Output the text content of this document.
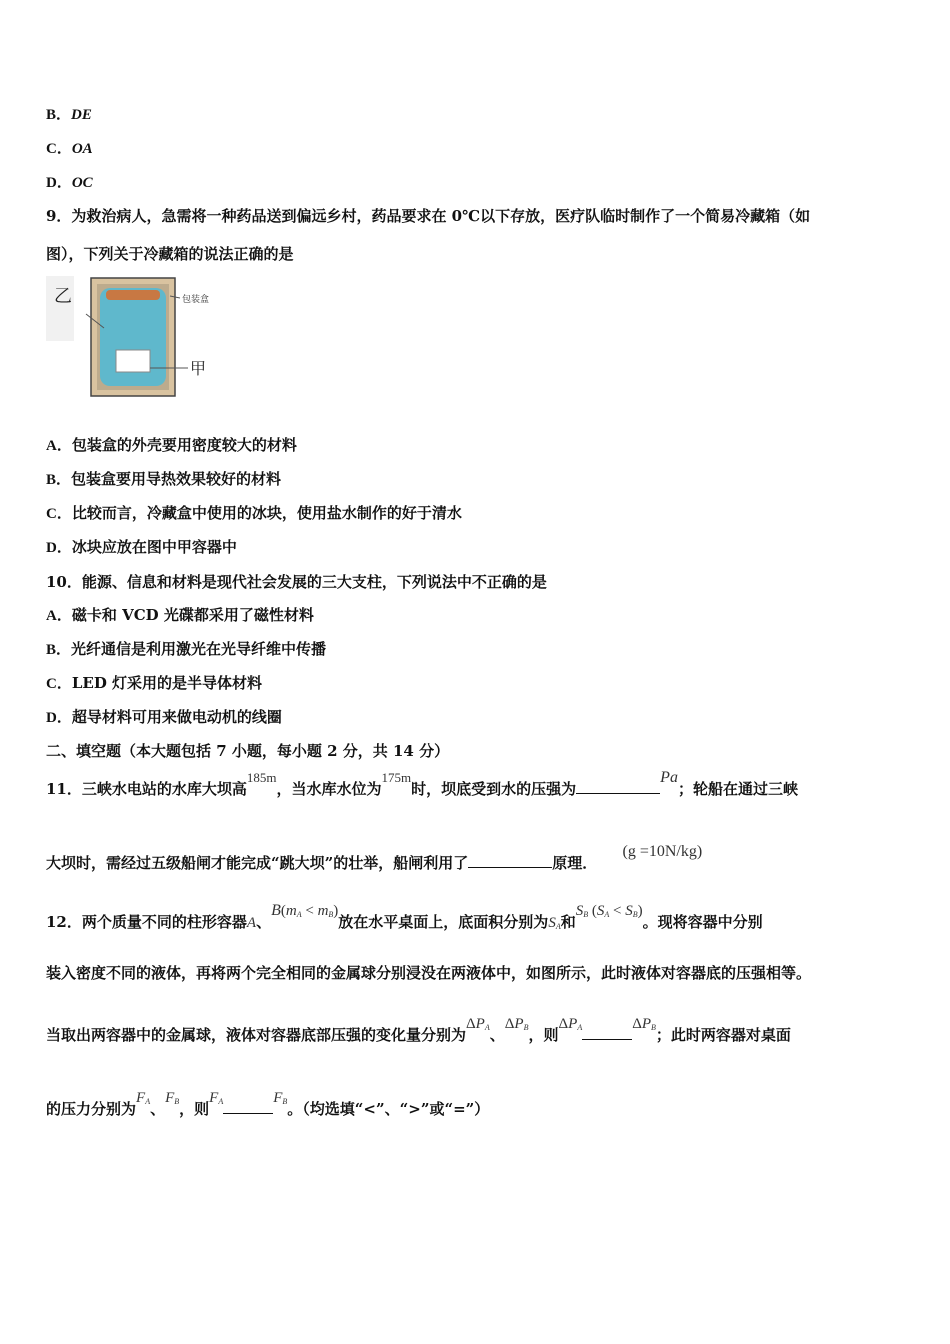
B．DE
C．OA
D．OC
9．为救治病人，急需将一种药品送到偏远乡村，药品要求在 0℃以下存放，医疗队临时制作了一个简易冷藏箱（如
图），下列关于冷藏箱的说法正确的是
乙	包装盒
甲
A．包装盒的外壳要用密度较大的材料
B．包装盒要用导热效果较好的材料
C．比较而言，冷藏盒中使用的冰块，使用盐水制作的好于清水
D．冰块应放在图中甲容器中
10．能源、信息和材料是现代社会发展的三大支柱，下列说法中不正确的是
A．磁卡和 VCD 光碟都采用了磁性材料
B．光纤通信是利用激光在光导纤维中传播
C．LED 灯采用的是半导体材料
D．超导材料可用来做电动机的线圈
二、填空题（本大题包括 7 小题，每小题 2 分，共 14 分）
11．三峡水电站的水库大坝高185m，当水库水位为175m时，坝底受到水的压强为Pa；轮船在通过三峡
大坝时，需经过五级船闸才能完成“跳大坝”的壮举，船闸利用了	原理． (g =10N/kg)
12．两个质量不同的柱形容器A、$B(m_A < m_B)$放在水平桌面上，底面积分别为$S_A$和$S_B$ $(S_A < S_B)$。现将容器中分别
装入密度不同的液体，再将两个完全相同的金属球分别浸没在两液体中，如图所示，此时液体对容器底的压强相等。
当取出两容器中的金属球，液体对容器底部压强的变化量分别为$\Delta P_A$、$\Delta P_B$，则$\Delta P_A$	$\Delta P_B$；此时两容器对桌面
的压力分别为$F_A$、$F_B$，则$F_A$	$F_B$。（均选填“<”、“>”或“=”）
